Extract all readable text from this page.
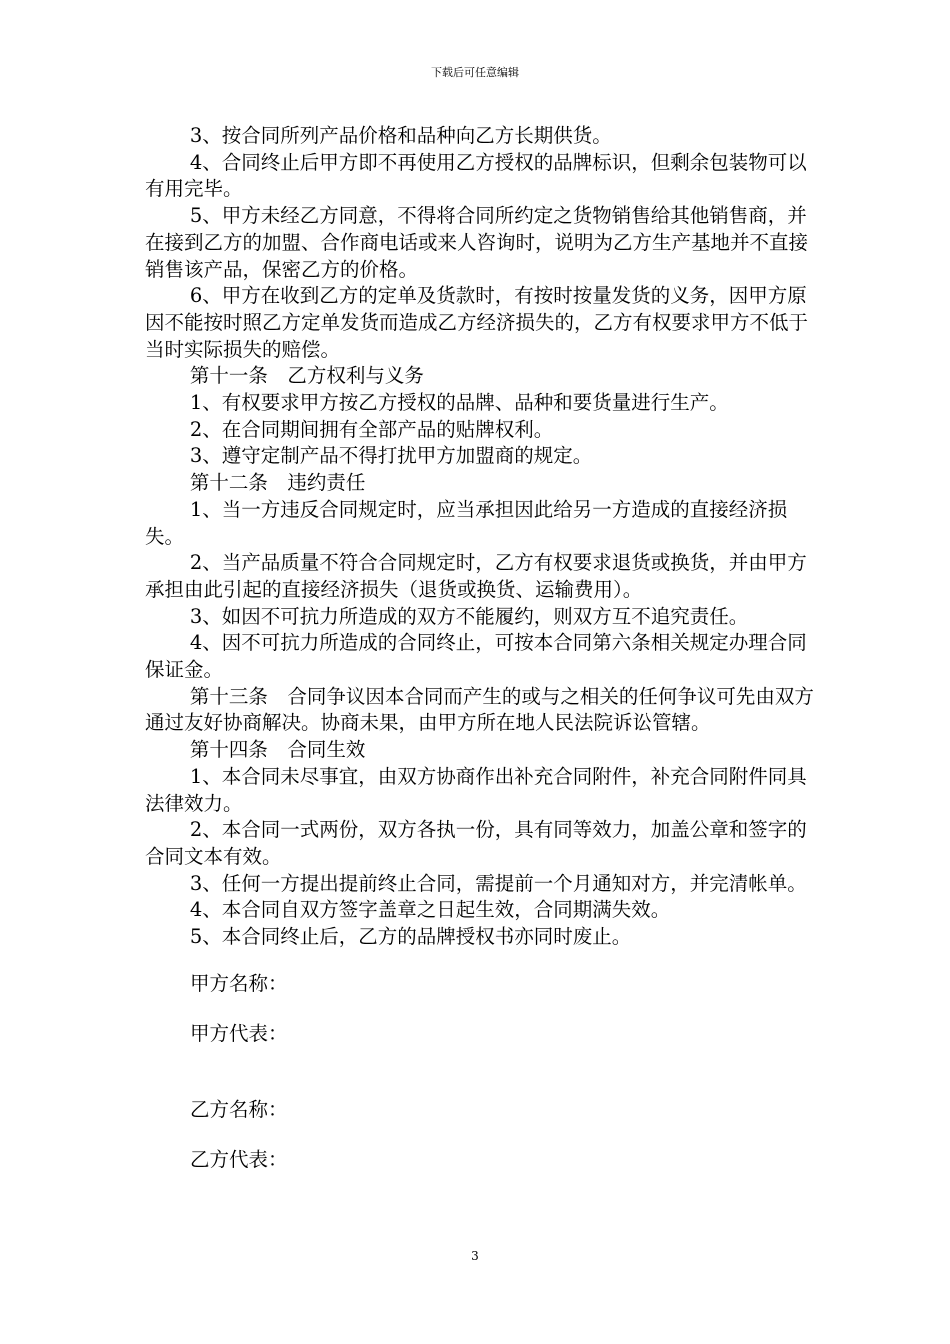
下载后可任意编辑

3、按合同所列产品价格和品种向乙方长期供货。

4、合同终止后甲方即不再使用乙方授权的品牌标识，但剩余包装物可以有用完毕。

5、甲方未经乙方同意，不得将合同所约定之货物销售给其他销售商，并在接到乙方的加盟、合作商电话或来人咨询时，说明为乙方生产基地并不直接销售该产品，保密乙方的价格。

6、甲方在收到乙方的定单及货款时，有按时按量发货的义务，因甲方原因不能按时照乙方定单发货而造成乙方经济损失的，乙方有权要求甲方不低于当时实际损失的赔偿。

第十一条　乙方权利与义务

1、有权要求甲方按乙方授权的品牌、品种和要货量进行生产。

2、在合同期间拥有全部产品的贴牌权利。

3、遵守定制产品不得打扰甲方加盟商的规定。

第十二条　违约责任

1、当一方违反合同规定时，应当承担因此给另一方造成的直接经济损失。

2、当产品质量不符合合同规定时，乙方有权要求退货或换货，并由甲方承担由此引起的直接经济损失（退货或换货、运输费用）。

3、如因不可抗力所造成的双方不能履约，则双方互不追究责任。

4、因不可抗力所造成的合同终止，可按本合同第六条相关规定办理合同保证金。

第十三条　合同争议因本合同而产生的或与之相关的任何争议可先由双方通过友好协商解决。协商未果，由甲方所在地人民法院诉讼管辖。

第十四条　合同生效

1、本合同未尽事宜，由双方协商作出补充合同附件，补充合同附件同具法律效力。

2、本合同一式两份，双方各执一份，具有同等效力，加盖公章和签字的合同文本有效。

3、任何一方提出提前终止合同，需提前一个月通知对方，并完清帐单。

4、本合同自双方签字盖章之日起生效，合同期满失效。

5、本合同终止后，乙方的品牌授权书亦同时废止。

甲方名称：
甲方代表：
乙方名称：
乙方代表：
3
